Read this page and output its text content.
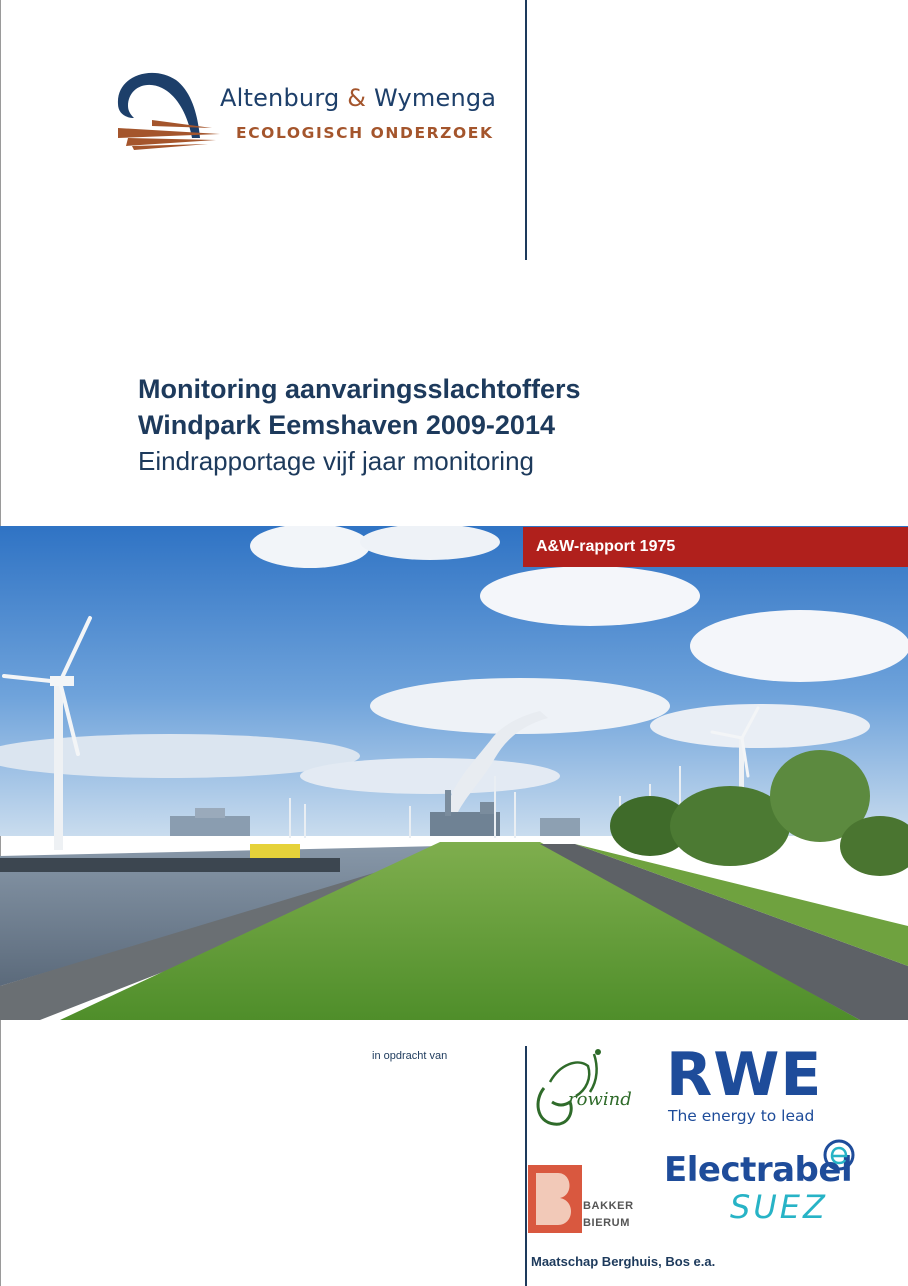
Altenburg & Wymenga
ECOLOGISCH ONDERZOEK
Monitoring aanvaringsslachtoffers
Windpark Eemshaven 2009-2014
Eindrapportage vijf jaar monitoring
A&W-rapport 1975
in opdracht van
rowind RWE
The energy to lead
BAKKER
BIERUM
Electrabel
SUEZ
Maatschap Berghuis, Bos e.a.
